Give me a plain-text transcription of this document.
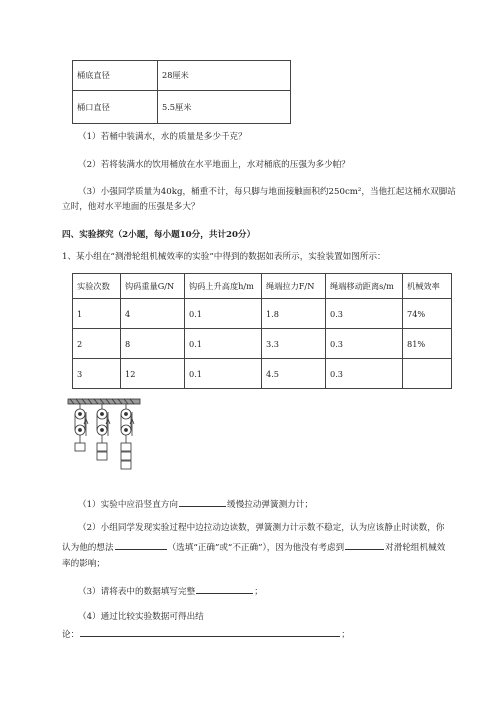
桶底直径	28厘米
桶口直径	5.5厘米
（1）若桶中装满水，水的质量是多少千克？
（2）若将装满水的饮用桶放在水平地面上，水对桶底的压强为多少帕？
（3）小强同学质量为40kg，桶重不计，每只脚与地面接触面积约250cm²，当他扛起这桶水双脚站
立时，他对水平地面的压强是多大？
四、实验探究（2小题，每小题10分，共计20分）
1、某小组在“测滑轮组机械效率的实验”中得到的数据如表所示，实验装置如图所示：
实验次数	钩码重量G/N	钩码上升高度h/m	绳端拉力F/N	绳端移动距离s/m	机械效率
1	4	0.1	1.8	0.3	74%
2	8	0.1	3.3	0.3	81%
3	12	0.1	4.5	0.3	
（1）实验中应沿竖直方向	缓慢拉动弹簧测力计；
（2）小组同学发现实验过程中边拉动边读数，弹簧测力计示数不稳定，认为应该静止时读数，你
认为他的想法	（选填“正确”或“不正确”），因为他没有考虑到	对滑轮组机械效
率的影响；
（3）请将表中的数据填写完整	；
（4）通过比较实验数据可得出结
论：	；
